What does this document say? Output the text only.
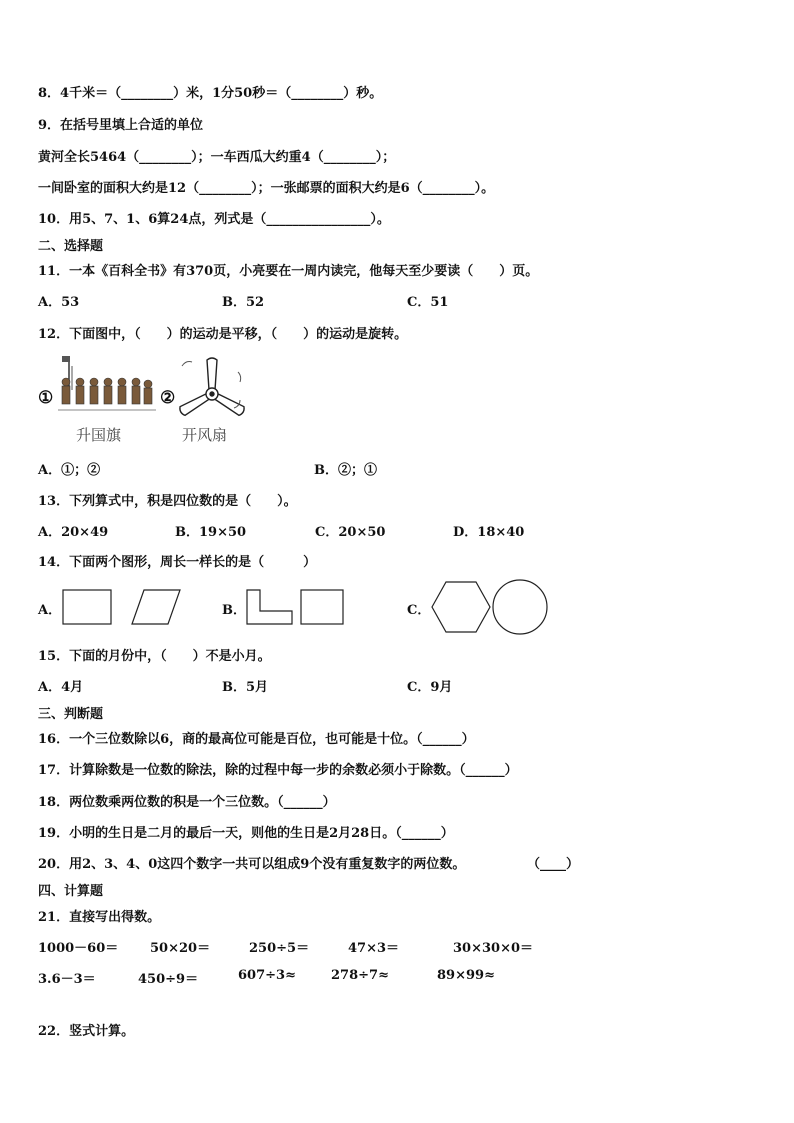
8．4千米＝（________）米，1分50秒＝（________）秒。
9．在括号里填上合适的单位
黄河全长5464（________）；一车西瓜大约重4（________）；
一间卧室的面积大约是12（________）；一张邮票的面积大约是6（________）。
10．用5、7、1、6算24点，列式是（________________）。
二、选择题
11．一本《百科全书》有370页，小亮要在一周内读完，他每天至少要读（　　）页。
A．53	B．52	C．51
12．下面图中，（　　）的运动是平移，（　　）的运动是旋转。
①
升国旗
②
开风扇
A．①；②	B．②；①
13．下列算式中，积是四位数的是（　　）。
A．20×49	B．19×50	C．20×50	D．18×40
14．下面两个图形，周长一样长的是（　　　）
A．	B．	C．
15．下面的月份中，（　　）不是小月。
A．4月	B．5月	C．9月
三、判断题
16．一个三位数除以6，商的最高位可能是百位，也可能是十位。（______）
17．计算除数是一位数的除法，除的过程中每一步的余数必须小于除数。（______）
18．两位数乘两位数的积是一个三位数。（______）
19．小明的生日是二月的最后一天，则他的生日是2月28日。（______）
20．用2、3、4、0这四个数字一共可以组成9个没有重复数字的两位数。	（____）
四、计算题
21．直接写出得数。
1000－60＝ 50×20＝	250÷5＝	47×3＝	30×30×0＝
3.6－3＝	450÷9＝	607÷3≈	278÷7≈	89×99≈
22．竖式计算。
